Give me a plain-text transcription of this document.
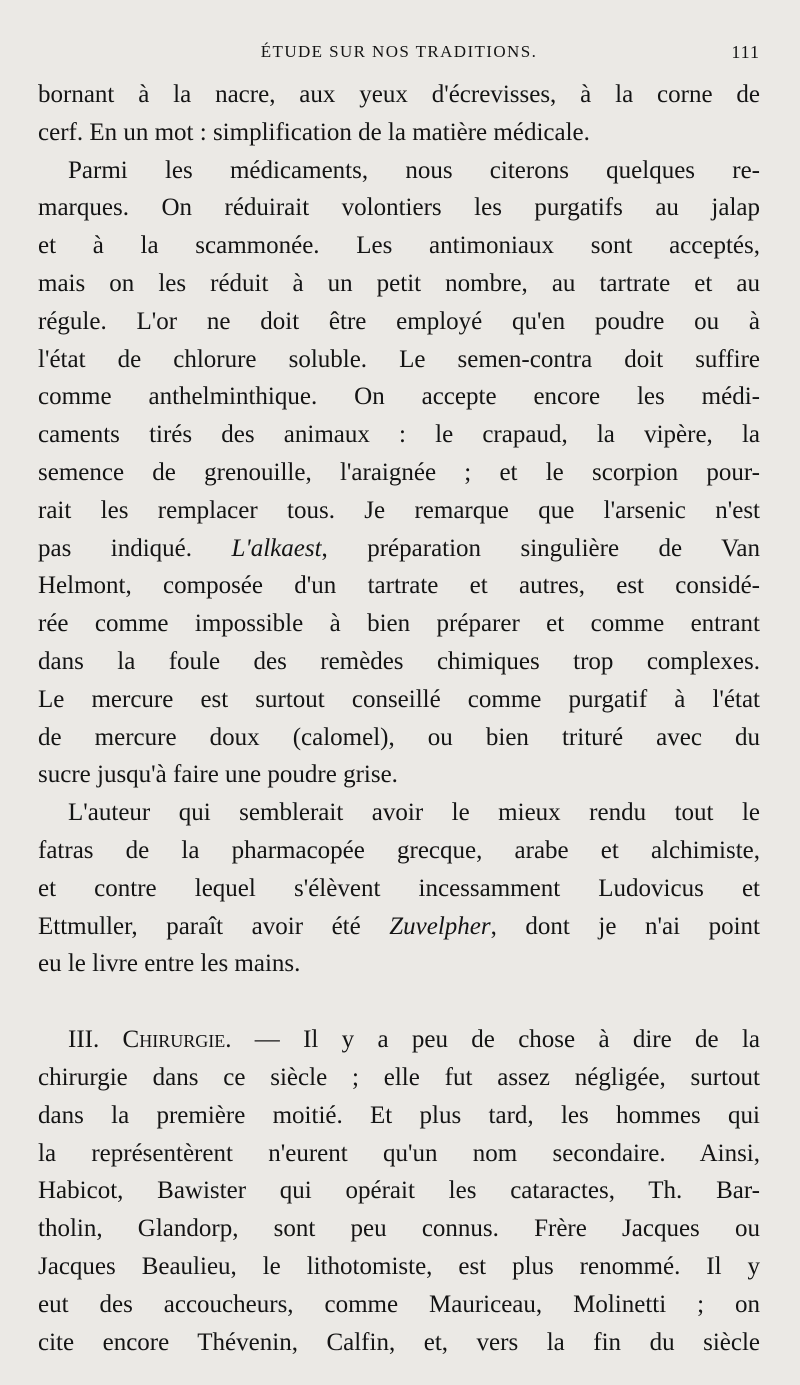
ÉTUDE SUR NOS TRADITIONS.	111

bornant à la nacre, aux yeux d'écrevisses, à la corne de
cerf. En un mot : simplification de la matière médicale.

Parmi les médicaments, nous citerons quelques re-
marques. On réduirait volontiers les purgatifs au jalap
et à la scammonée. Les antimoniaux sont acceptés,
mais on les réduit à un petit nombre, au tartrate et au
régule. L'or ne doit être employé qu'en poudre ou à
l'état de chlorure soluble. Le semen-contra doit suffire
comme anthelminthique. On accepte encore les médi-
caments tirés des animaux : le crapaud, la vipère, la
semence de grenouille, l'araignée ; et le scorpion pour-
rait les remplacer tous. Je remarque que l'arsenic n'est
pas indiqué. L'alkaest, préparation singulière de Van
Helmont, composée d'un tartrate et autres, est considé-
rée comme impossible à bien préparer et comme entrant
dans la foule des remèdes chimiques trop complexes.
Le mercure est surtout conseillé comme purgatif à l'état
de mercure doux (calomel), ou bien trituré avec du
sucre jusqu'à faire une poudre grise.

L'auteur qui semblerait avoir le mieux rendu tout le
fatras de la pharmacopée grecque, arabe et alchimiste,
et contre lequel s'élèvent incessamment Ludovicus et
Ettmuller, paraît avoir été Zuvelpher, dont je n'ai point
eu le livre entre les mains.

III. Chirurgie. — Il y a peu de chose à dire de la
chirurgie dans ce siècle ; elle fut assez négligée, surtout
dans la première moitié. Et plus tard, les hommes qui
la représentèrent n'eurent qu'un nom secondaire. Ainsi,
Habicot, Bawister qui opérait les cataractes, Th. Bar-
tholin, Glandorp, sont peu connus. Frère Jacques ou
Jacques Beaulieu, le lithotomiste, est plus renommé. Il y
eut des accoucheurs, comme Mauriceau, Molinetti ; on
cite encore Thévenin, Calfin, et, vers la fin du siècle
